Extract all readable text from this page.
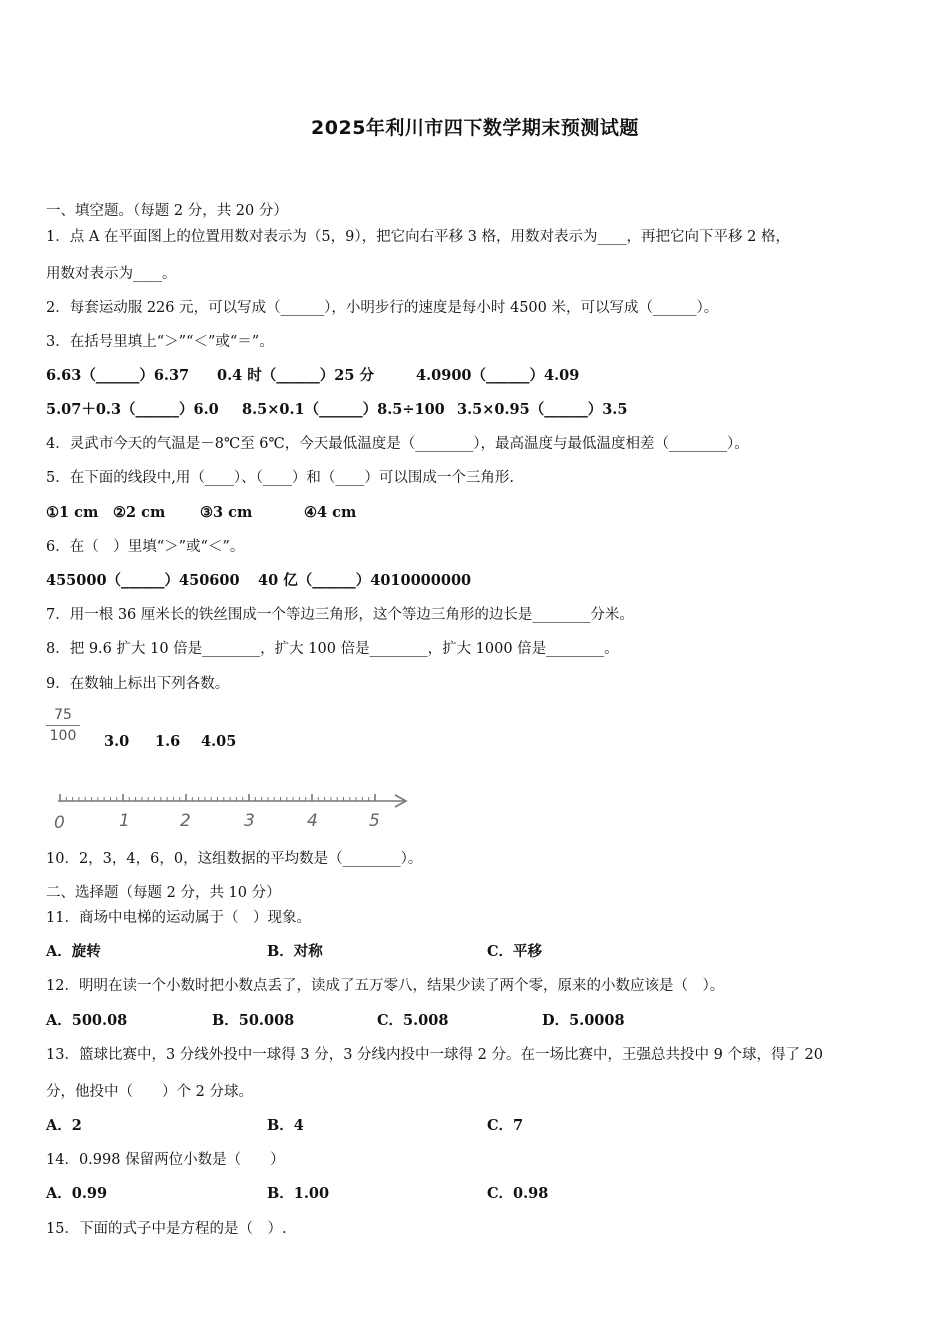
2025年利川市四下数学期末预测试题
一、填空题。（每题 2 分，共 20 分）
1．点 A 在平面图上的位置用数对表示为（5，9），把它向右平移 3 格，用数对表示为____，再把它向下平移 2 格，
用数对表示为____。
2．每套运动服 226 元，可以写成（______），小明步行的速度是每小时 4500 米，可以写成（______）。
3．在括号里填上“＞”“＜”或“＝”。
6.63（______）6.37 0.4 时（______）25 分	4.0900（______）4.09
5.07＋0.3（______）6.0 8.5×0.1（______）8.5÷100 3.5×0.95（______）3.5
4．灵武市今天的气温是－8℃至 6℃，今天最低温度是（________），最高温度与最低温度相差（________）。
5．在下面的线段中,用（____）、（____）和（____）可以围成一个三角形.
①1 cm ②2 cm ③3 cm	④4 cm
6．在（　）里填“＞”或“＜”。
455000（______）450600 40 亿（______）4010000000
7．用一根 36 厘米长的铁丝围成一个等边三角形，这个等边三角形的边长是________分米。
8．把 9.6 扩大 10 倍是________，扩大 100 倍是________，扩大 1000 倍是________。
9．在数轴上标出下列各数。
75
100 3.0 1.6 4.05
0	1	2	3	4	5
10．2，3，4，6，0，这组数据的平均数是（________）。
二、选择题（每题 2 分，共 10 分）
11．商场中电梯的运动属于（　）现象。
A．旋转	B．对称	C．平移
12．明明在读一个小数时把小数点丢了，读成了五万零八，结果少读了两个零，原来的小数应该是（　）。
A．500.08	B．50.008	C．5.008	D．5.0008
13．篮球比赛中，3 分线外投中一球得 3 分，3 分线内投中一球得 2 分。在一场比赛中，王强总共投中 9 个球，得了 20
分，他投中（　　）个 2 分球。
A．2	B．4	C．7
14．0.998 保留两位小数是（　　）
A．0.99	B．1.00	C．0.98
15．下面的式子中是方程的是（　）.
